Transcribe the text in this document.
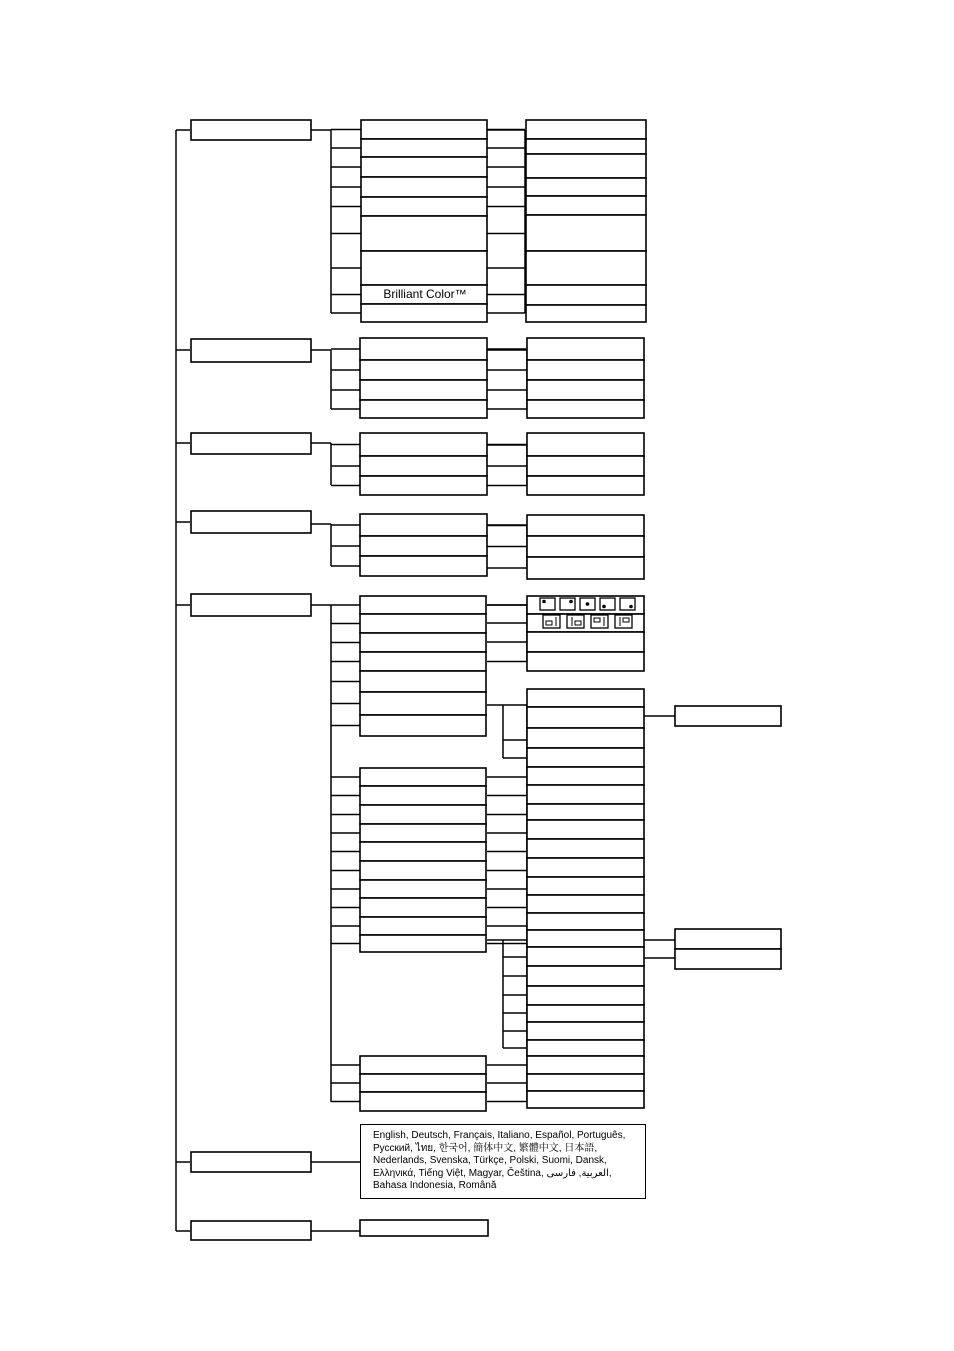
Brilliant Color™
English, Deutsch, Français, Italiano, Español, Português,
Русский, ไทย, 한국어, 簡体中文, 繁體中文, 日本語,
Nederlands, Svenska, Türkçe, Polski, Suomi, Dansk,
Ελληνικά, Tiếng Việt, Magyar, Čeština, العربية, فارسی,
Bahasa Indonesia, Română
